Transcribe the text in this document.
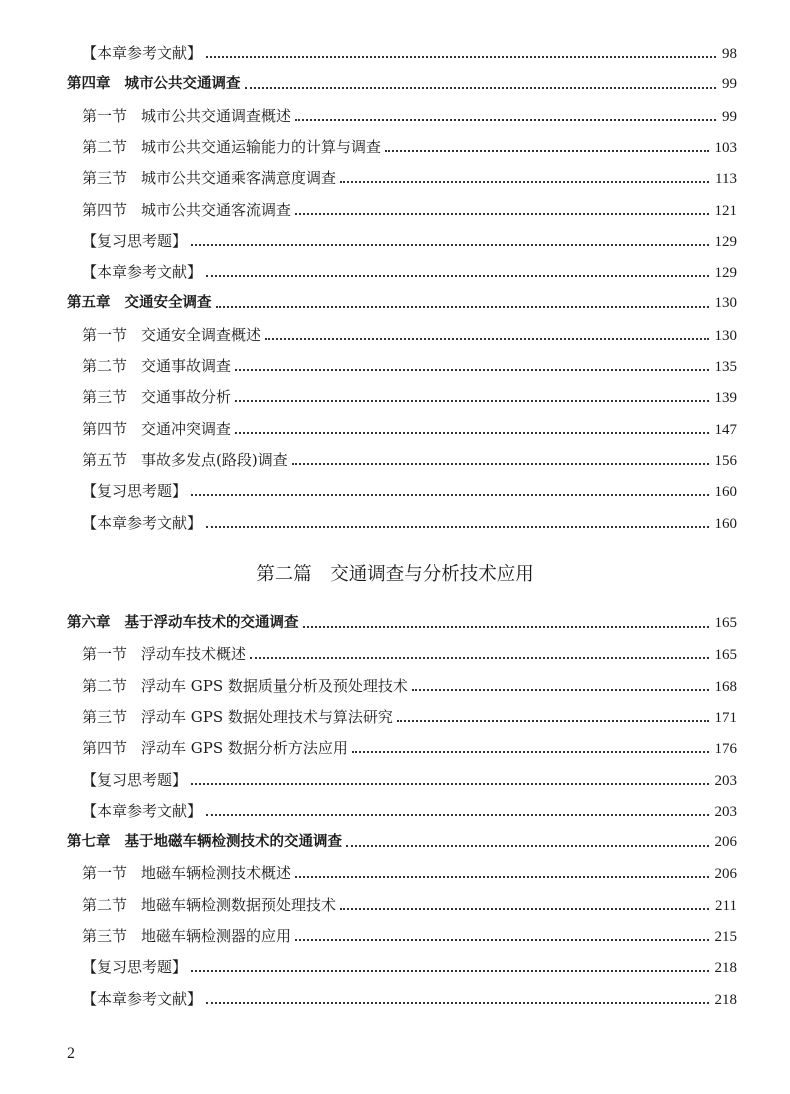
【本章参考文献】	98
第四章 城市公共交通调查	99
第一节 城市公共交通调查概述	99
第二节 城市公共交通运输能力的计算与调查	103
第三节 城市公共交通乘客满意度调查	113
第四节 城市公共交通客流调查	121
【复习思考题】	129
【本章参考文献】	129
第五章 交通安全调查	130
第一节 交通安全调查概述	130
第二节 交通事故调查	135
第三节 交通事故分析	139
第四节 交通冲突调查	147
第五节 事故多发点(路段)调查	156
【复习思考题】	160
【本章参考文献】	160
第二篇　交通调查与分析技术应用
第六章 基于浮动车技术的交通调查	165
第一节 浮动车技术概述	165
第二节 浮动车 GPS 数据质量分析及预处理技术	168
第三节 浮动车 GPS 数据处理技术与算法研究	171
第四节 浮动车 GPS 数据分析方法应用	176
【复习思考题】	203
【本章参考文献】	203
第七章 基于地磁车辆检测技术的交通调查	206
第一节 地磁车辆检测技术概述	206
第二节 地磁车辆检测数据预处理技术	211
第三节 地磁车辆检测器的应用	215
【复习思考题】	218
【本章参考文献】	218
2
